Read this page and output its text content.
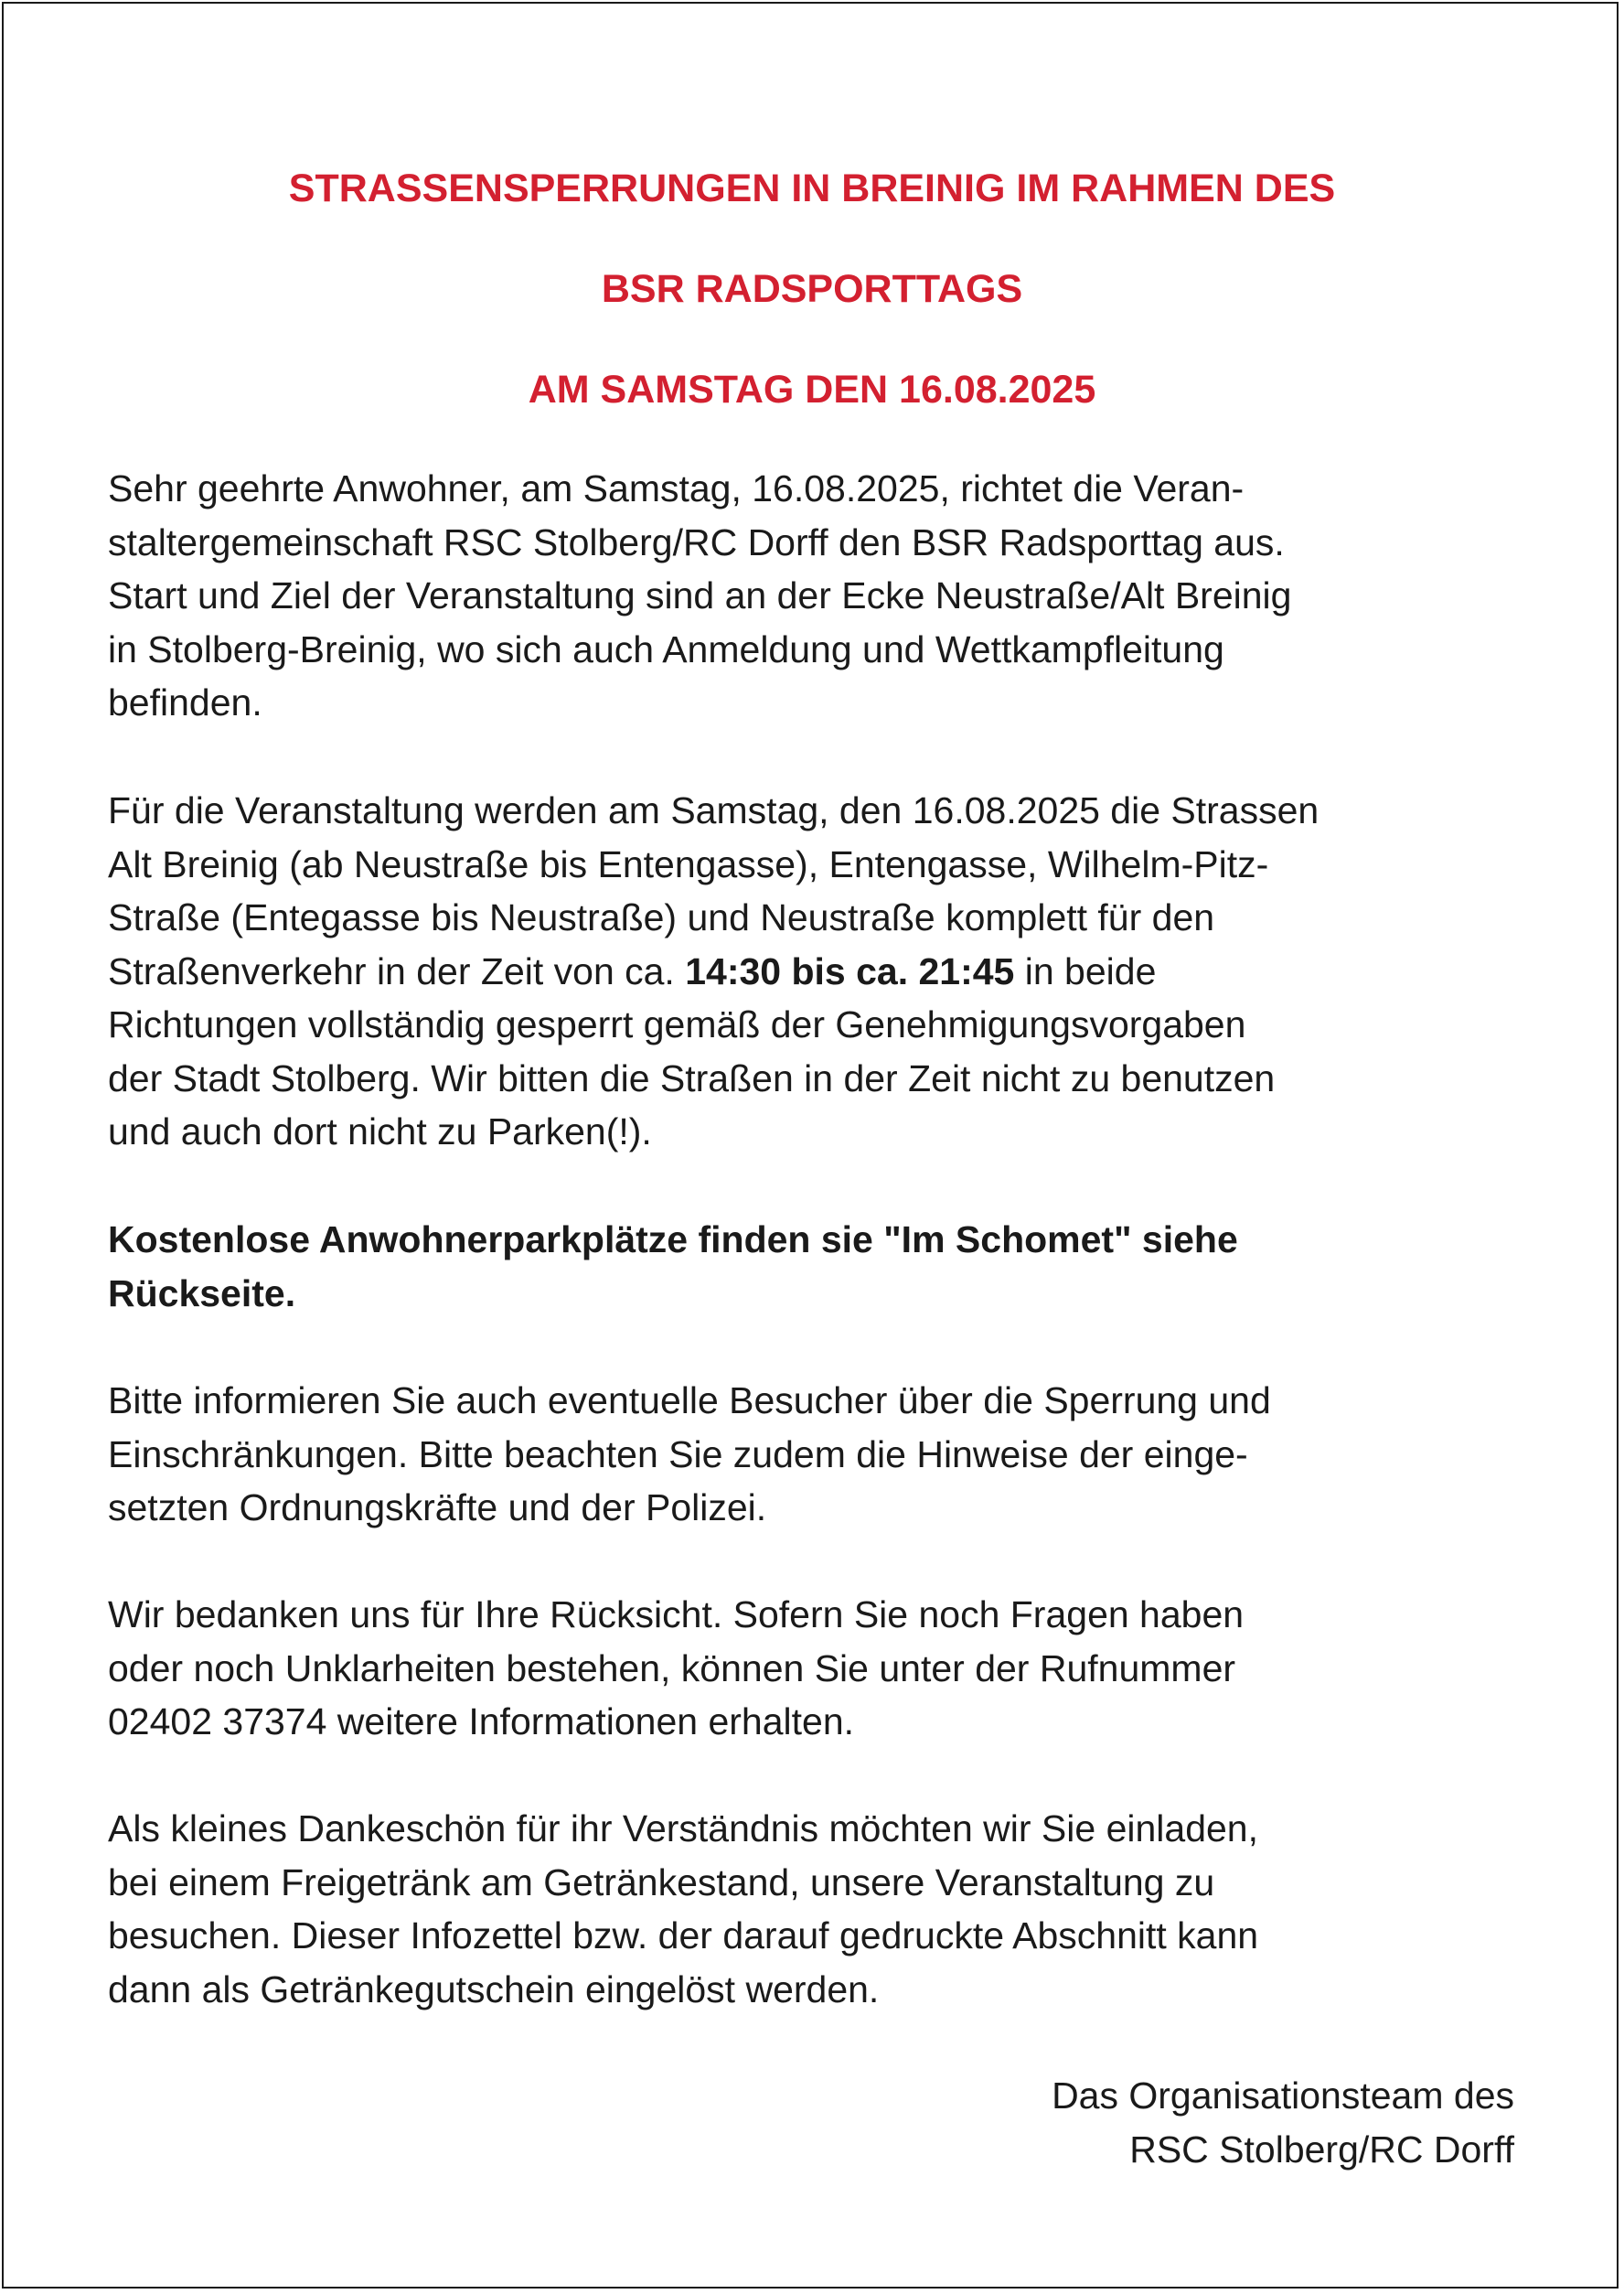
STRASSENSPERRUNGEN IN BREINIG IM RAHMEN DES
BSR RADSPORTTAGS
AM SAMSTAG DEN 16.08.2025

Sehr geehrte Anwohner, am Samstag, 16.08.2025, richtet die Veran-
staltergemeinschaft RSC Stolberg/RC Dorff den BSR Radsporttag aus.
Start und Ziel der Veranstaltung sind an der Ecke Neustraße/Alt Breinig
in Stolberg-Breinig, wo sich auch Anmeldung und Wettkampfleitung
befinden.

Für die Veranstaltung werden am Samstag, den 16.08.2025 die Strassen
Alt Breinig (ab Neustraße bis Entengasse), Entengasse, Wilhelm-Pitz-
Straße (Entegasse bis Neustraße) und Neustraße komplett für den
Straßenverkehr in der Zeit von ca. 14:30 bis ca. 21:45 in beide
Richtungen vollständig gesperrt gemäß der Genehmigungsvorgaben
der Stadt Stolberg. Wir bitten die Straßen in der Zeit nicht zu benutzen
und auch dort nicht zu Parken(!).

Kostenlose Anwohnerparkplätze finden sie "Im Schomet" siehe
Rückseite.

Bitte informieren Sie auch eventuelle Besucher über die Sperrung und
Einschränkungen. Bitte beachten Sie zudem die Hinweise der einge-
setzten Ordnungskräfte und der Polizei.

Wir bedanken uns für Ihre Rücksicht. Sofern Sie noch Fragen haben
oder noch Unklarheiten bestehen, können Sie unter der Rufnummer
02402 37374 weitere Informationen erhalten.

Als kleines Dankeschön für ihr Verständnis möchten wir Sie einladen,
bei einem Freigetränk am Getränkestand, unsere Veranstaltung zu
besuchen. Dieser Infozettel bzw. der darauf gedruckte Abschnitt kann
dann als Getränkegutschein eingelöst werden.

Das Organisationsteam des
RSC Stolberg/RC Dorff
